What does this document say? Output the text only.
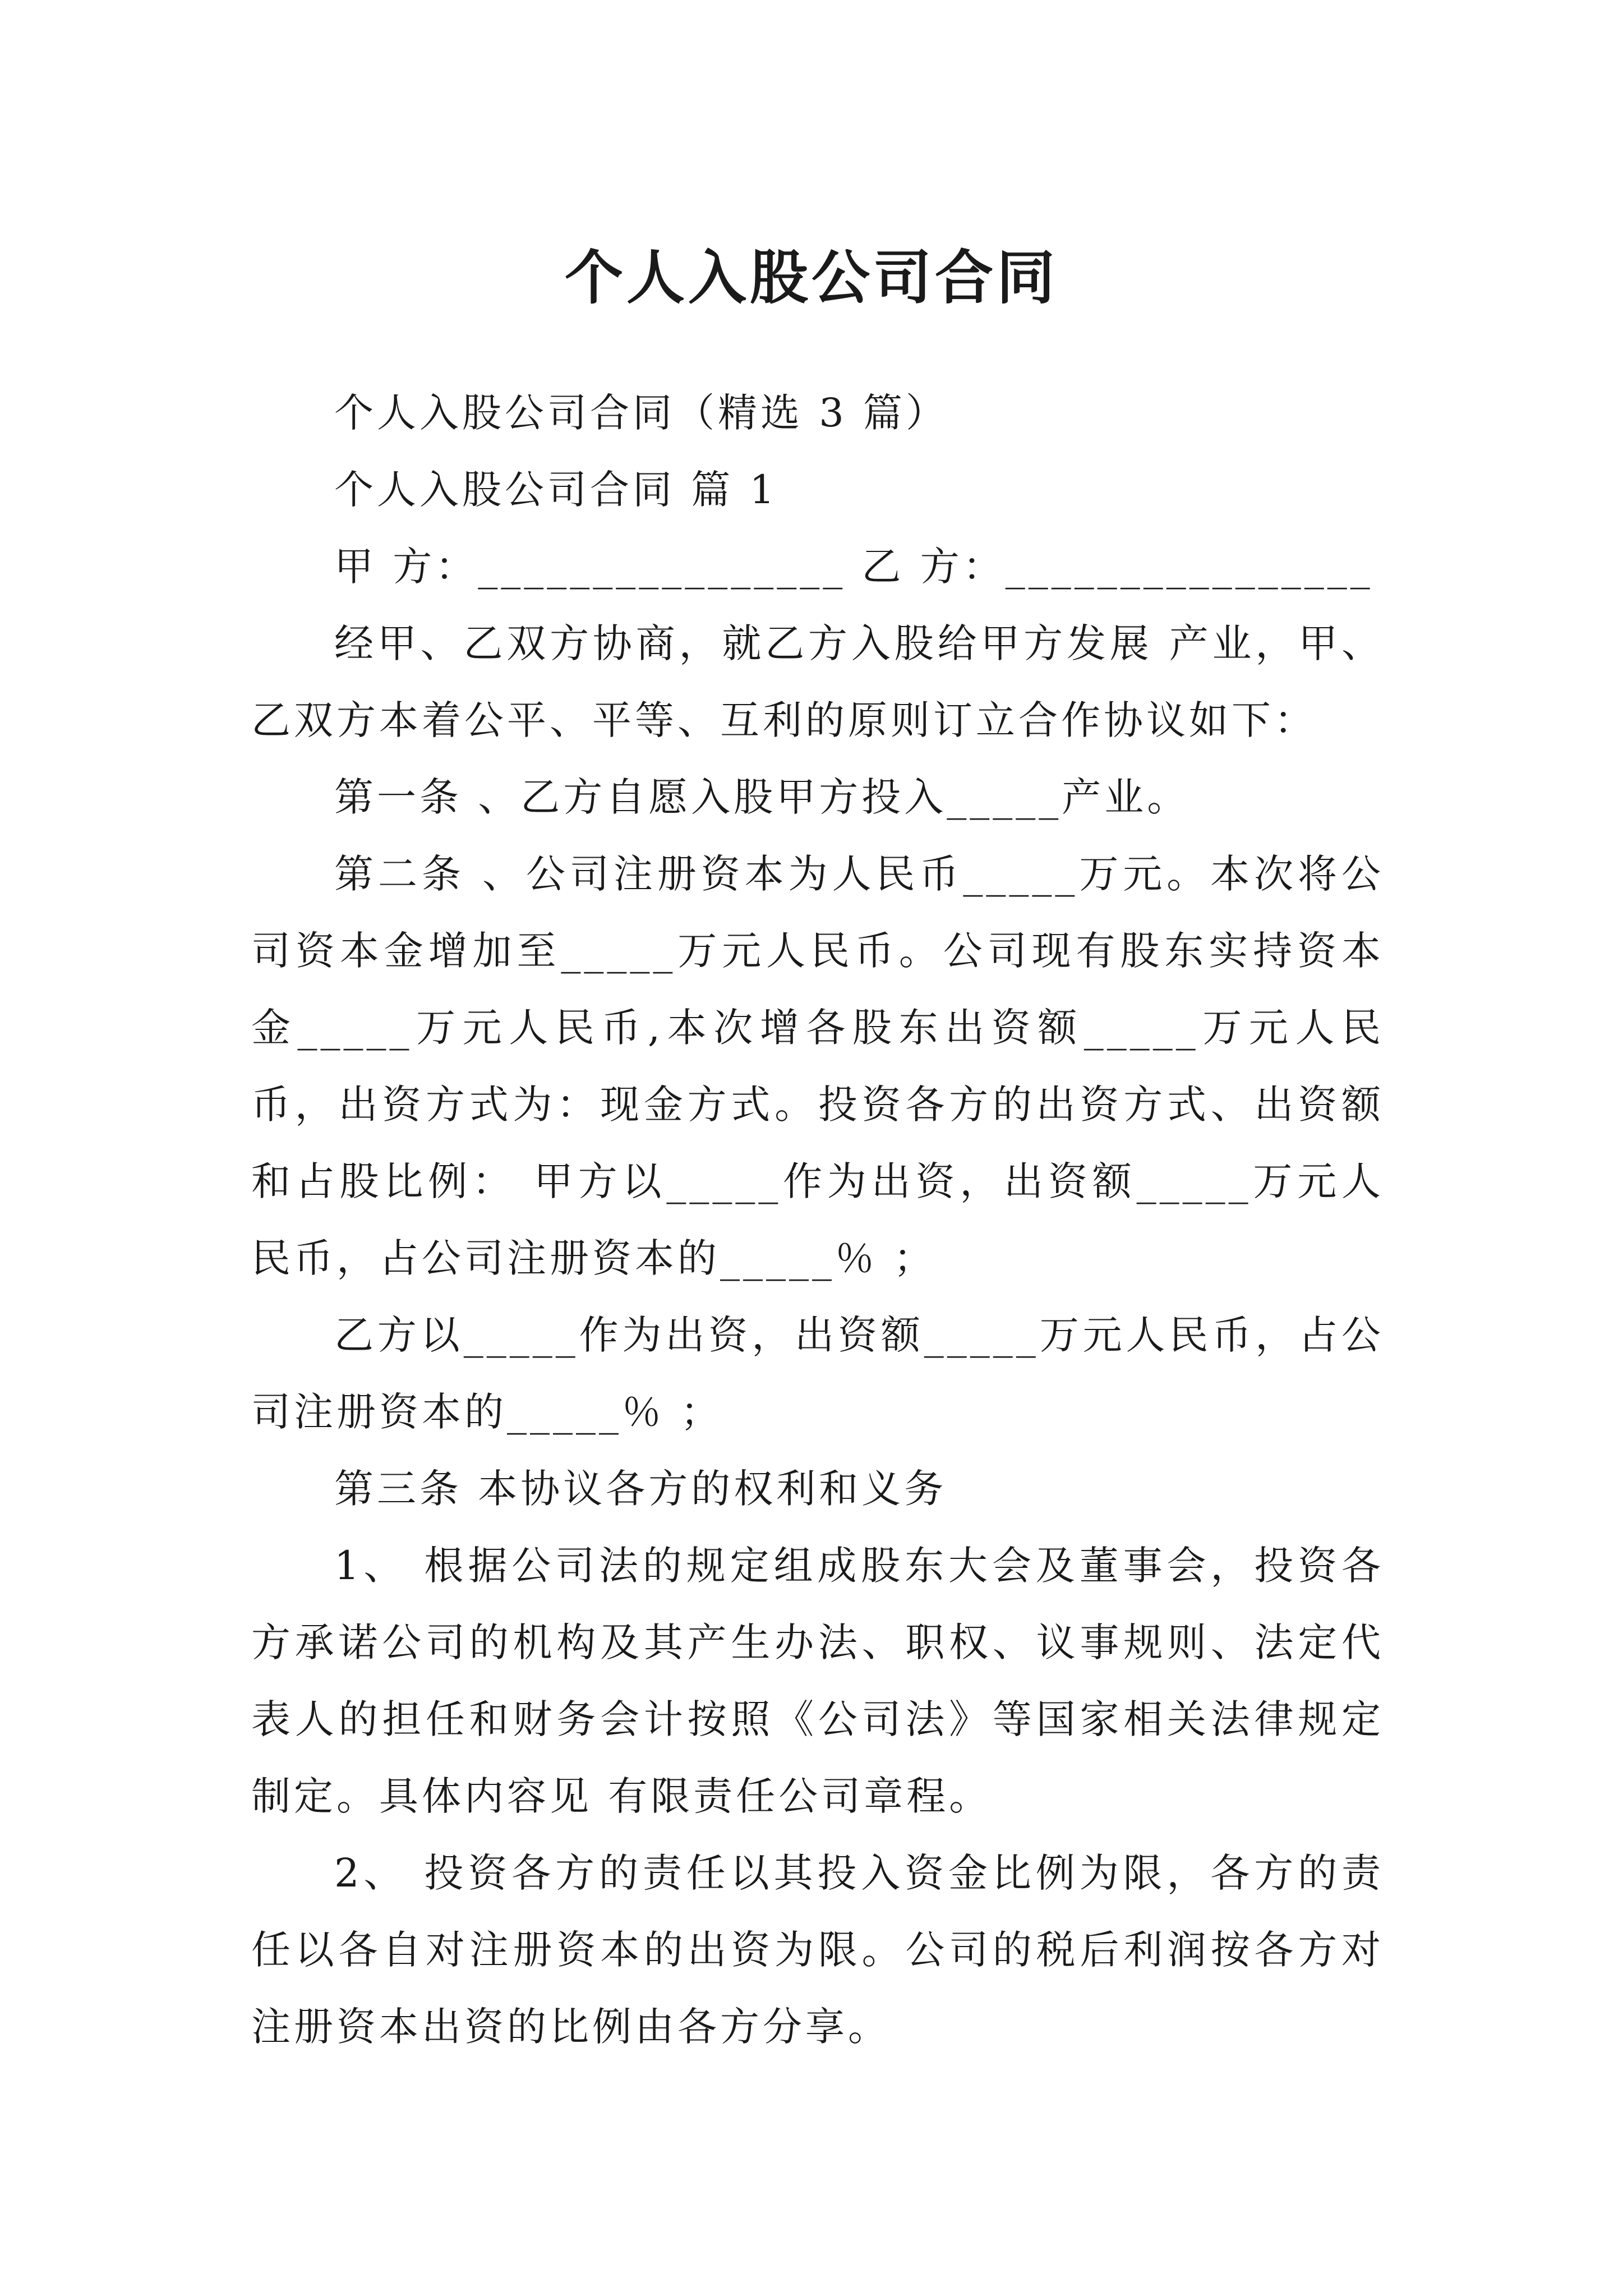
个人入股公司合同

个人入股公司合同（精选 3 篇）

个人入股公司合同 篇 1

甲 方：________________ 乙 方：________________

经甲、乙双方协商，就乙方入股给甲方发展 产业，甲、乙双方本着公平、平等、互利的原则订立合作协议如下：

第一条 、乙方自愿入股甲方投入_____产业。

第二条 、公司注册资本为人民币_____万元。本次将公司资本金增加至_____万元人民币。公司现有股东实持资本金_____万元人民币,本次增各股东出资额_____万元人民币，出资方式为：现金方式。投资各方的出资方式、出资额和占股比例： 甲方以_____作为出资，出资额_____万元人民币，占公司注册资本的_____％ ；

乙方以_____作为出资，出资额_____万元人民币，占公司注册资本的_____％ ；

第三条 本协议各方的权利和义务

1、 根据公司法的规定组成股东大会及董事会，投资各方承诺公司的机构及其产生办法、职权、议事规则、法定代表人的担任和财务会计按照《公司法》等国家相关法律规定制定。具体内容见 有限责任公司章程。

2、 投资各方的责任以其投入资金比例为限，各方的责任以各自对注册资本的出资为限。公司的税后利润按各方对注册资本出资的比例由各方分享。
